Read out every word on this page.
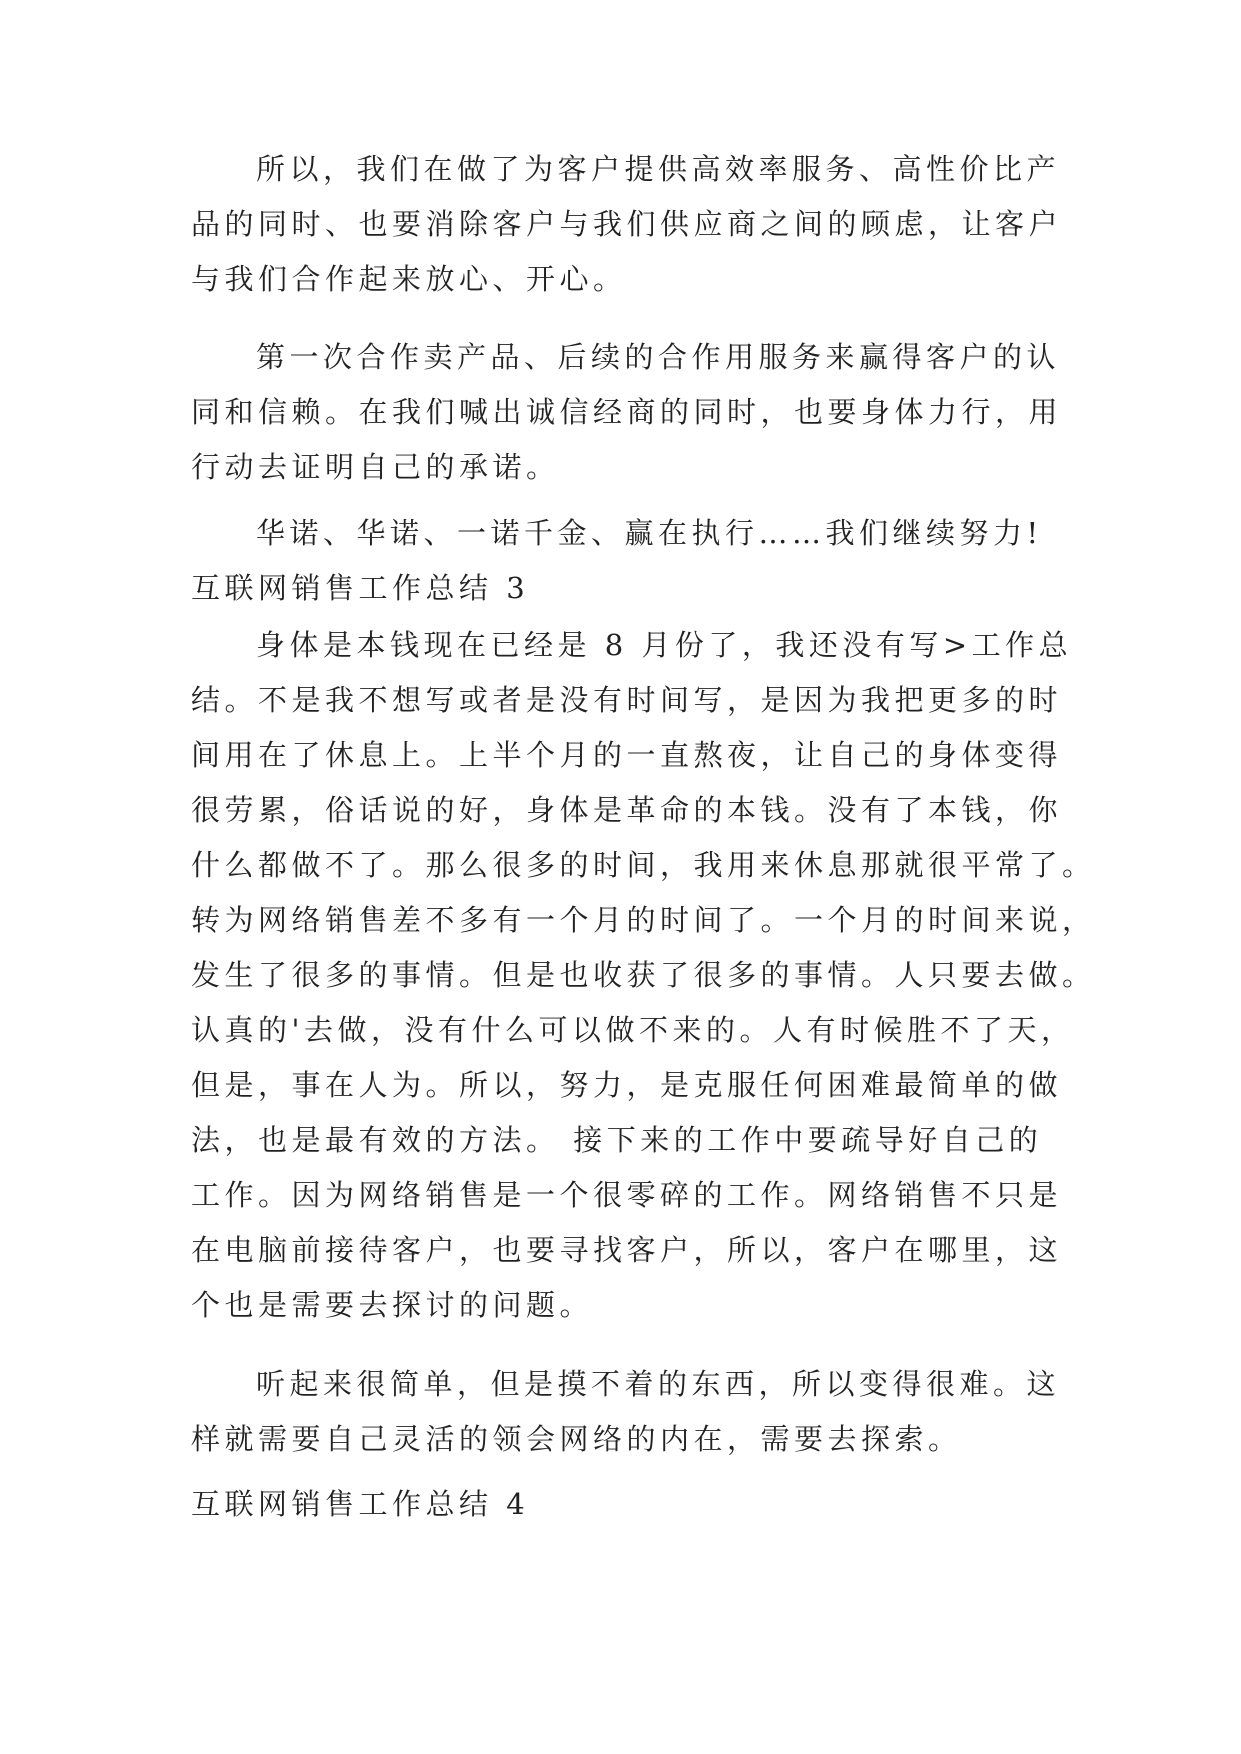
所以，我们在做了为客户提供高效率服务、高性价比产
品的同时、也要消除客户与我们供应商之间的顾虑，让客户
与我们合作起来放心、开心。
第一次合作卖产品、后续的合作用服务来赢得客户的认
同和信赖。在我们喊出诚信经商的同时，也要身体力行，用
行动去证明自己的承诺。
华诺、华诺、一诺千金、赢在执行……我们继续努力!
互联网销售工作总结 3
身体是本钱现在已经是 8 月份了，我还没有写>工作总
结。不是我不想写或者是没有时间写，是因为我把更多的时
间用在了休息上。上半个月的一直熬夜，让自己的身体变得
很劳累，俗话说的好，身体是革命的本钱。没有了本钱，你
什么都做不了。那么很多的时间，我用来休息那就很平常了。
转为网络销售差不多有一个月的时间了。一个月的时间来说，
发生了很多的事情。但是也收获了很多的事情。人只要去做。
认真的'去做，没有什么可以做不来的。人有时候胜不了天，
但是，事在人为。所以，努力，是克服任何困难最简单的做
法，也是最有效的方法。 接下来的工作中要疏导好自己的
工作。因为网络销售是一个很零碎的工作。网络销售不只是
在电脑前接待客户，也要寻找客户，所以，客户在哪里，这
个也是需要去探讨的问题。
听起来很简单，但是摸不着的东西，所以变得很难。这
样就需要自己灵活的领会网络的内在，需要去探索。
互联网销售工作总结 4
